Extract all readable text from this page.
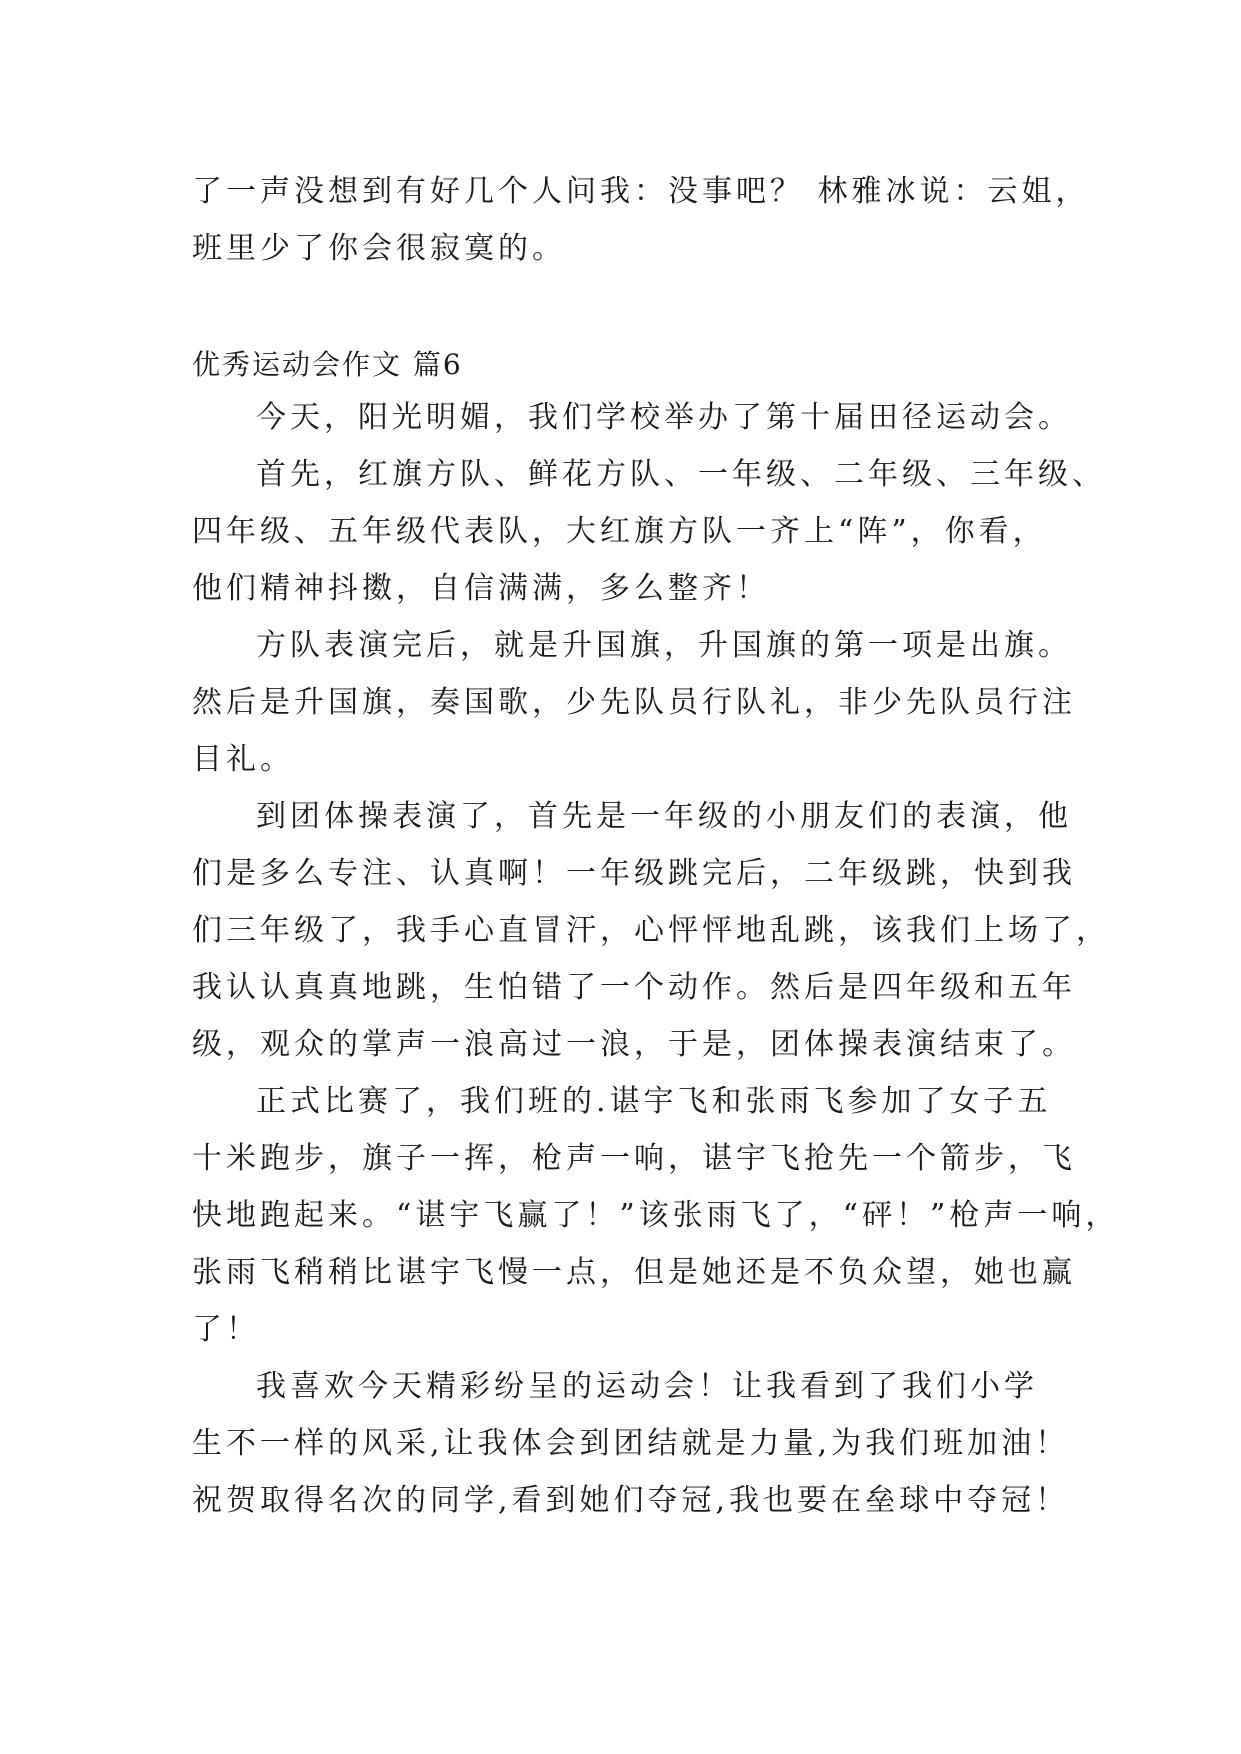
了一声没想到有好几个人问我：没事吧？ 林雅冰说：云姐，

班里少了你会很寂寞的。

优秀运动会作文 篇6

今天，阳光明媚，我们学校举办了第十届田径运动会。

首先，红旗方队、鲜花方队、一年级、二年级、三年级、

四年级、五年级代表队，大红旗方队一齐上“阵”，你看，

他们精神抖擞，自信满满，多么整齐！

方队表演完后，就是升国旗，升国旗的第一项是出旗。

然后是升国旗，奏国歌，少先队员行队礼，非少先队员行注

目礼。

到团体操表演了，首先是一年级的小朋友们的表演，他

们是多么专注、认真啊！一年级跳完后，二年级跳，快到我

们三年级了，我手心直冒汗，心怦怦地乱跳，该我们上场了，

我认认真真地跳，生怕错了一个动作。然后是四年级和五年

级，观众的掌声一浪高过一浪，于是，团体操表演结束了。

正式比赛了，我们班的.谌宇飞和张雨飞参加了女子五

十米跑步，旗子一挥，枪声一响，谌宇飞抢先一个箭步，飞

快地跑起来。“谌宇飞赢了！”该张雨飞了，“砰！”枪声一响，

张雨飞稍稍比谌宇飞慢一点，但是她还是不负众望，她也赢

了！

我喜欢今天精彩纷呈的运动会！让我看到了我们小学

生不一样的风采,让我体会到团结就是力量,为我们班加油！

祝贺取得名次的同学,看到她们夺冠,我也要在垒球中夺冠！
